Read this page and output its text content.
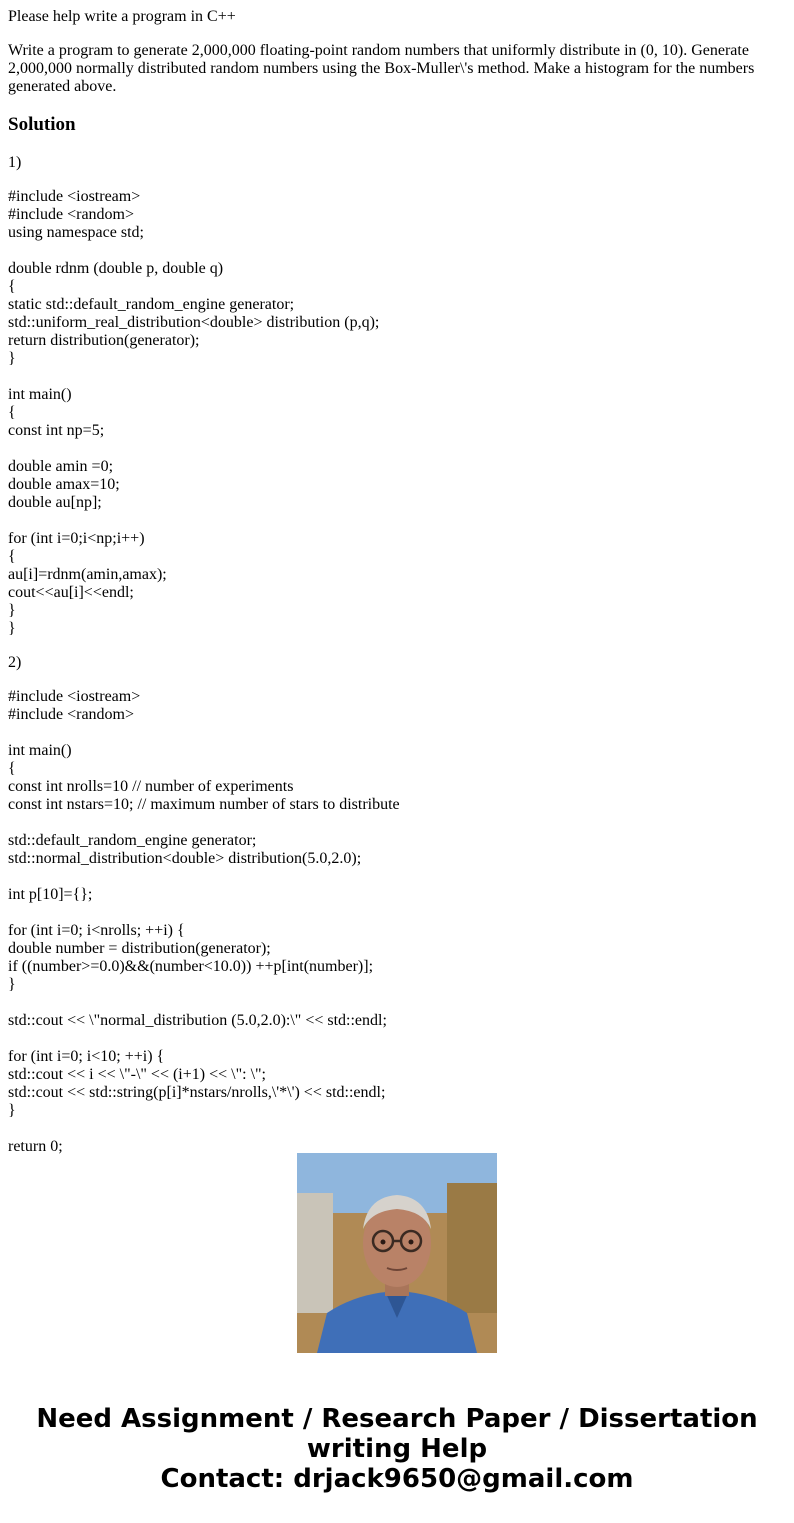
Please help write a program in C++

Write a program to generate 2,000,000 floating-point random numbers that uniformly distribute in (0, 10). Generate 2,000,000 normally distributed random numbers using the Box-Muller\'s method. Make a histogram for the numbers generated above.

Solution

1)

#include <iostream>
#include <random>
using namespace std;
double rdnm (double p, double q)
{
static std::default_random_engine generator;
std::uniform_real_distribution<double> distribution (p,q);
return distribution(generator);
}
int main()
{
const int np=5;
double amin =0;
double amax=10;
double au[np];
for (int i=0;i<np;i++)
{
au[i]=rdnm(amin,amax);
cout<<au[i]<<endl;
}
}

2)

#include <iostream>
#include <random>
int main()
{
const int nrolls=10 // number of experiments
const int nstars=10; // maximum number of stars to distribute
std::default_random_engine generator;
std::normal_distribution<double> distribution(5.0,2.0);
int p[10]={};
for (int i=0; i<nrolls; ++i) {
double number = distribution(generator);
if ((number>=0.0)&&(number<10.0)) ++p[int(number)];
}
std::cout << \"normal_distribution (5.0,2.0):\" << std::endl;
for (int i=0; i<10; ++i) {
std::cout << i << \"-\" << (i+1) << \": \";
std::cout << std::string(p[i]*nstars/nrolls,\'*\') << std::endl;
}
return 0;
Need Assignment / Research Paper / Dissertation
writing Help
Contact: drjack9650@gmail.com
